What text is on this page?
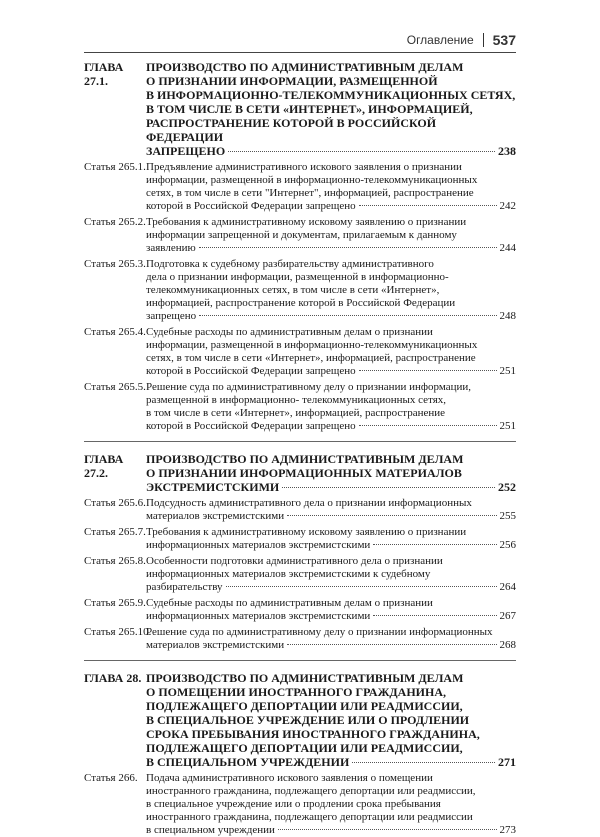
Оглавление 537
ГЛАВА 27.1.
ПРОИЗВОДСТВО ПО АДМИНИСТРАТИВНЫМ ДЕЛАМ
О ПРИЗНАНИИ ИНФОРМАЦИИ, РАЗМЕЩЕННОЙ
В ИНФОРМАЦИОННО-ТЕЛЕКОММУНИКАЦИОННЫХ СЕТЯХ,
В ТОМ ЧИСЛЕ В СЕТИ «ИНТЕРНЕТ», ИНФОРМАЦИЕЙ,
РАСПРОСТРАНЕНИЕ КОТОРОЙ В РОССИЙСКОЙ ФЕДЕРАЦИИ
ЗАПРЕЩЕНО	238
Статья 265.1. Предъявление административного искового заявления о признании
информации, размещенной в информационно-телекоммуникационных
сетях, в том числе в сети "Интернет", информацией, распространение
которой в Российской Федерации запрещено	242
Статья 265.2. Требования к административному исковому заявлению о признании
информации запрещенной и документам, прилагаемым к данному
заявлению	244
Статья 265.3. Подготовка к судебному разбирательству административного
дела о признании информации, размещенной в информационно-
телекоммуникационных сетях, в том числе в сети «Интернет»,
информацией, распространение которой в Российской Федерации
запрещено	248
Статья 265.4. Судебные расходы по административным делам о признании
информации, размещенной в информационно-телекоммуникационных
сетях, в том числе в сети «Интернет», информацией, распространение
которой в Российской Федерации запрещено	251
Статья 265.5. Решение суда по административному делу о признании информации,
размещенной в информационно- телекоммуникационных сетях,
в том числе в сети «Интернет», информацией, распространение
которой в Российской Федерации запрещено	251
ГЛАВА 27.2.
ПРОИЗВОДСТВО ПО АДМИНИСТРАТИВНЫМ ДЕЛАМ
О ПРИЗНАНИИ ИНФОРМАЦИОННЫХ МАТЕРИАЛОВ
ЭКСТРЕМИСТСКИМИ	252
Статья 265.6. Подсудность административного дела о признании информационных
материалов экстремистскими	255
Статья 265.7. Требования к административному исковому заявлению о признании
информационных материалов экстремистскими	256
Статья 265.8. Особенности подготовки административного дела о признании
информационных материалов экстремистскими к судебному
разбирательству	264
Статья 265.9. Судебные расходы по административным делам о признании
информационных материалов экстремистскими	267
Статья 265.10.
Решение суда по административному делу о признании информационных
материалов экстремистскими	268
ГЛАВА 28. ПРОИЗВОДСТВО ПО АДМИНИСТРАТИВНЫМ ДЕЛАМ
О ПОМЕЩЕНИИ ИНОСТРАННОГО ГРАЖДАНИНА,
ПОДЛЕЖАЩЕГО ДЕПОРТАЦИИ ИЛИ РЕАДМИССИИ,
В СПЕЦИАЛЬНОЕ УЧРЕЖДЕНИЕ ИЛИ О ПРОДЛЕНИИ
СРОКА ПРЕБЫВАНИЯ ИНОСТРАННОГО ГРАЖДАНИНА,
ПОДЛЕЖАЩЕГО ДЕПОРТАЦИИ ИЛИ РЕАДМИССИИ,
В СПЕЦИАЛЬНОМ УЧРЕЖДЕНИИ	271
Статья 266. Подача административного искового заявления о помещении
иностранного гражданина, подлежащего депортации или реадмиссии,
в специальное учреждение или о продлении срока пребывания
иностранного гражданина, подлежащего депортации или реадмиссии
в специальном учреждении	273
